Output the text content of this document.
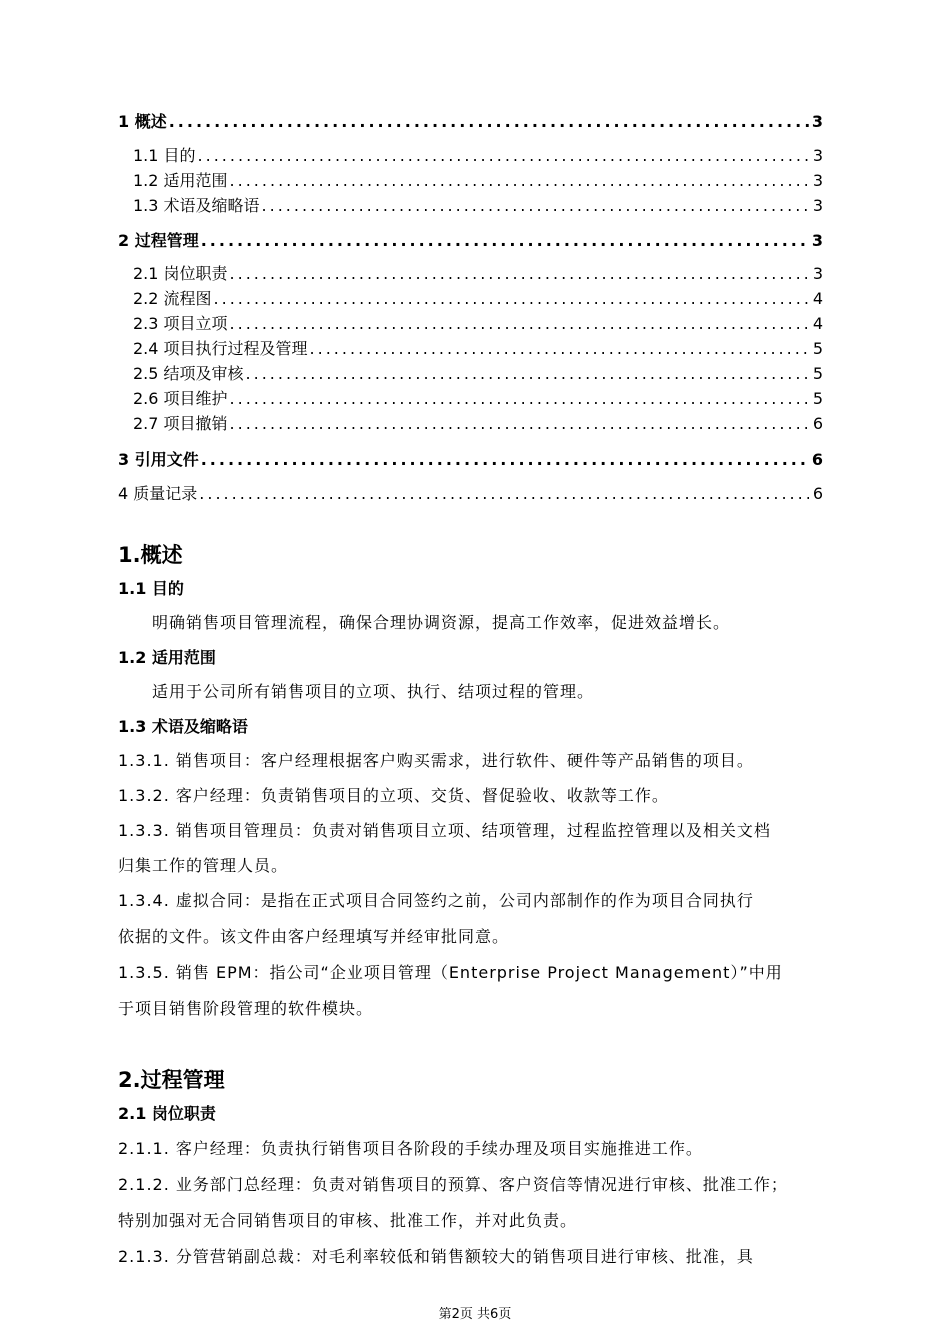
1 概述 .....	3
1.1 目的 .....	3
1.2 适用范围 .....	3
1.3 术语及缩略语 .....	3
2 过程管理 .....	3
2.1 岗位职责 .....	3
2.2 流程图 .....	4
2.3 项目立项 .....	4
2.4 项目执行过程及管理 .....	5
2.5 结项及审核 .....	5
2.6 项目维护 .....	5
2.7 项目撤销 .....	6
3 引用文件 .....	6
4 质量记录 .....	6
1.概述
1.1 目的
明确销售项目管理流程，确保合理协调资源，提高工作效率，促进效益增长。
1.2 适用范围
适用于公司所有销售项目的立项、执行、结项过程的管理。
1.3 术语及缩略语
1.3.1. 销售项目：客户经理根据客户购买需求，进行软件、硬件等产品销售的项目。
1.3.2. 客户经理：负责销售项目的立项、交货、督促验收、收款等工作。
1.3.3. 销售项目管理员：负责对销售项目立项、结项管理，过程监控管理以及相关文档
归集工作的管理人员。
1.3.4. 虚拟合同：是指在正式项目合同签约之前，公司内部制作的作为项目合同执行
依据的文件。该文件由客户经理填写并经审批同意。
1.3.5. 销售 EPM：指公司“企业项目管理（Enterprise Project Management）”中用
于项目销售阶段管理的软件模块。
2.过程管理
2.1 岗位职责
2.1.1. 客户经理：负责执行销售项目各阶段的手续办理及项目实施推进工作。
2.1.2. 业务部门总经理：负责对销售项目的预算、客户资信等情况进行审核、批准工作；
特别加强对无合同销售项目的审核、批准工作，并对此负责。
2.1.3. 分管营销副总裁：对毛利率较低和销售额较大的销售项目进行审核、批准，具
第2页 共6页
